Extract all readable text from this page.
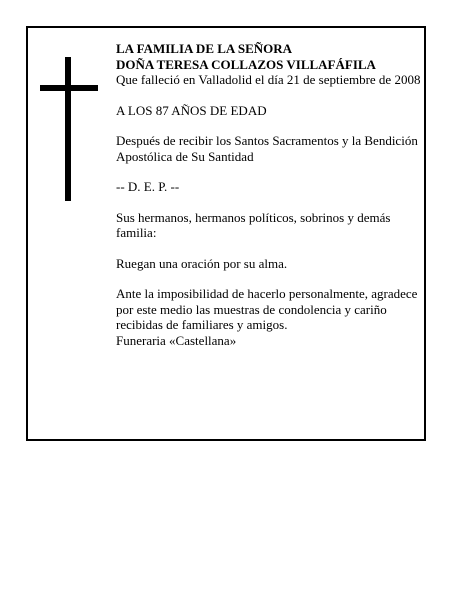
LA FAMILIA DE LA SEÑORA

DOÑA TERESA COLLAZOS VILLAFÁFILA

Que falleció en Valladolid el día 21 de septiembre de 2008

A LOS 87 AÑOS DE EDAD

Después de recibir los Santos Sacramentos y la Bendición Apostólica de Su Santidad

-- D. E. P. --

Sus hermanos, hermanos políticos, sobrinos y demás familia:

Ruegan una oración por su alma.

Ante la imposibilidad de hacerlo personalmente, agradece por este medio las muestras de condolencia y cariño recibidas de familiares y amigos.

Funeraria «Castellana»
